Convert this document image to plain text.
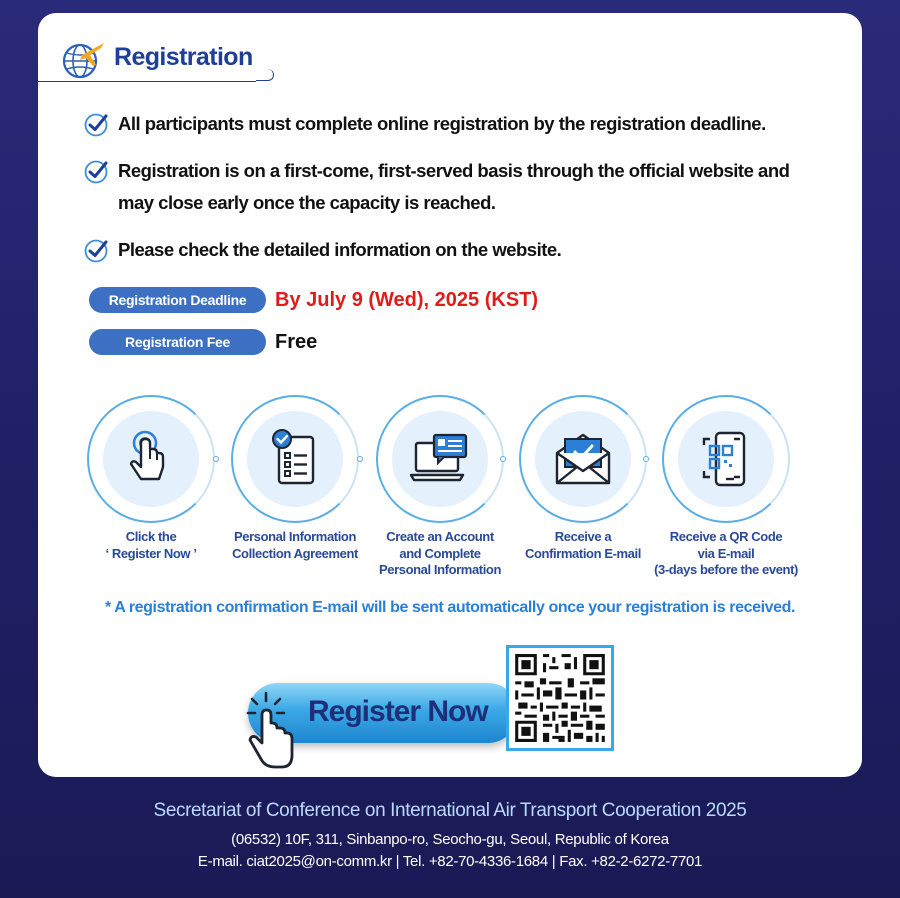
Registration
All participants must complete online registration by the registration deadline.
Registration is on a first-come, first-served basis through the official website and may close early once the capacity is reached.
Please check the detailed information on the website.
Registration Deadline	By July 9 (Wed), 2025 (KST)
Registration Fee	Free
Click the
‘ Register Now ’
Personal Information
Collection Agreement
Create an Account
and Complete
Personal Information
Receive a
Confirmation E-mail
Receive a QR Code
via E-mail
(3-days before the event)
* A registration confirmation E-mail will be sent automatically once your registration is received.
Register Now
Secretariat of Conference on International Air Transport Cooperation 2025
(06532) 10F, 311, Sinbanpo-ro, Seocho-gu, Seoul, Republic of Korea
E-mail. ciat2025@on-comm.kr | Tel. +82-70-4336-1684 | Fax. +82-2-6272-7701
